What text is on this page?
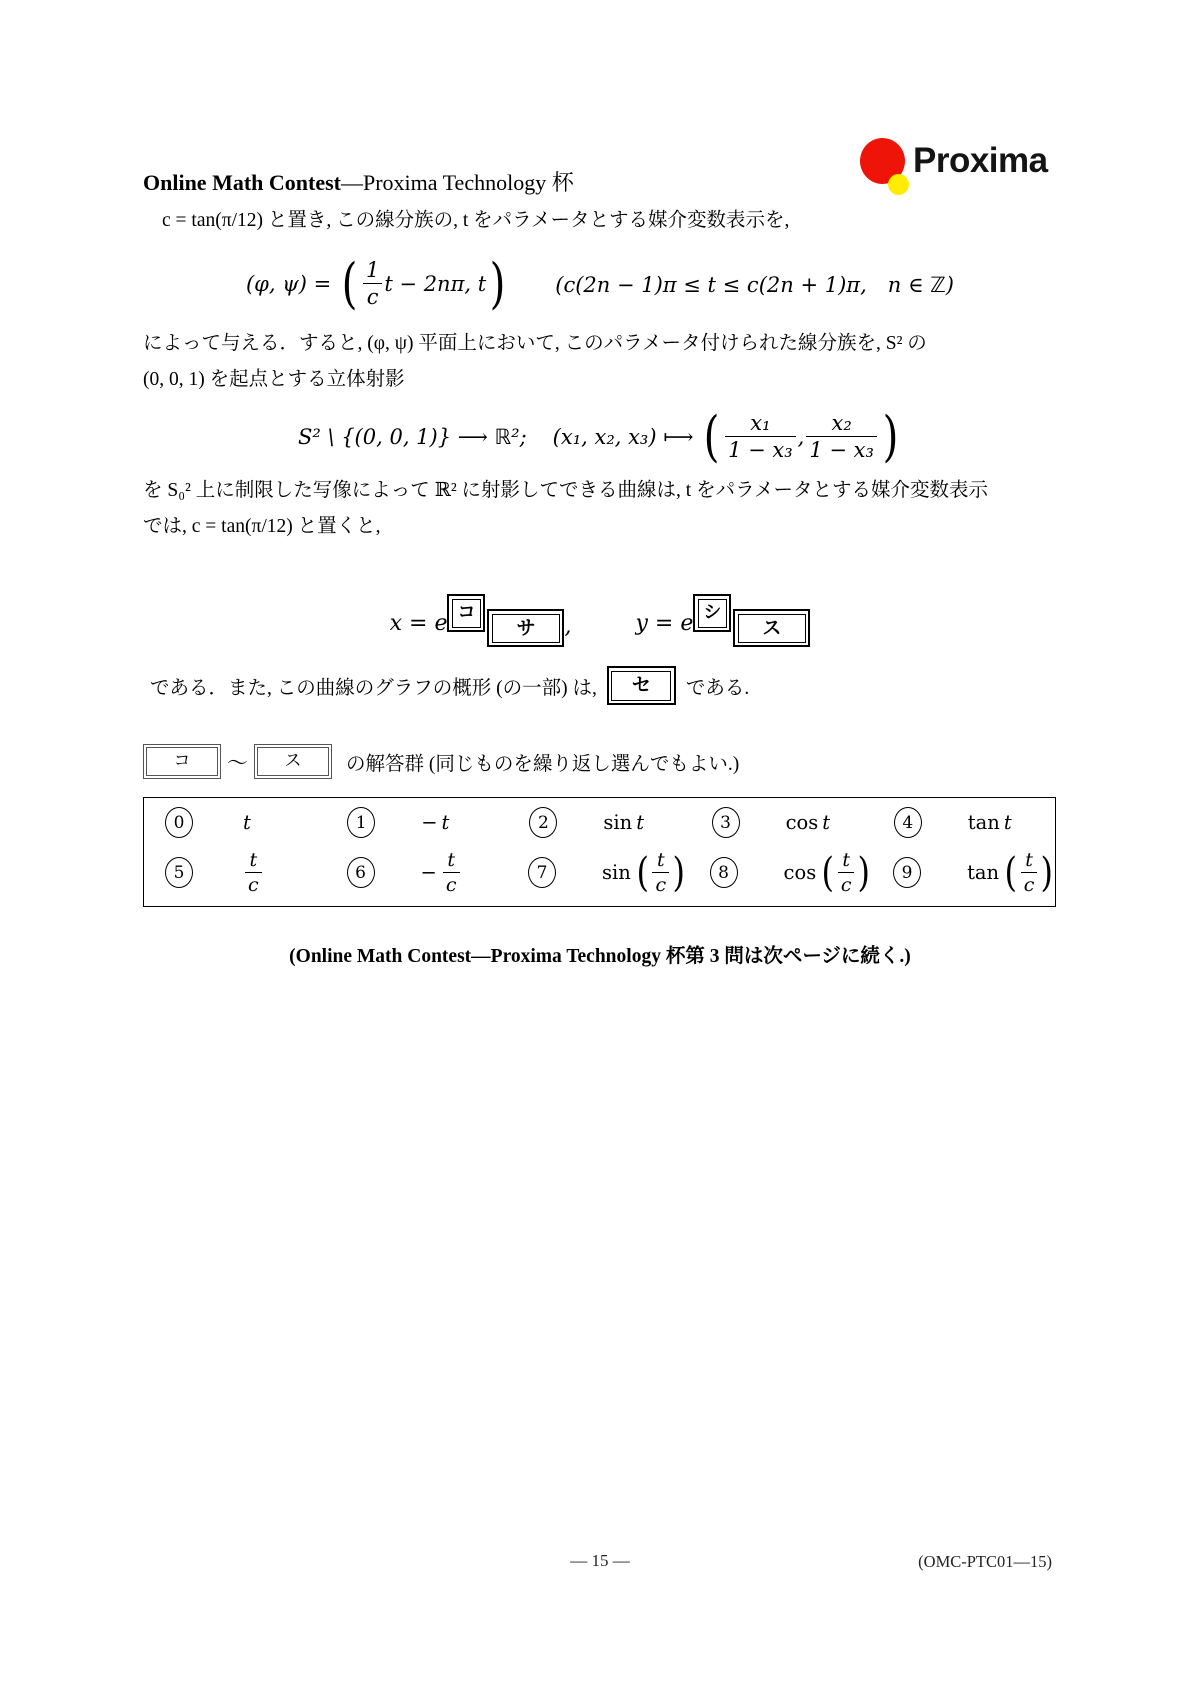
Online Math Contest—Proxima Technology 杯
Proxima
c = tan(π/12) と置き, この線分族の, t をパラメータとする媒介変数表示を,
(φ, ψ) =
( $\frac{1}{c}$ t − 2nπ, t ) (c(2n − 1)π ≤ t ≤ c(2n + 1)π,　n ∈ ℤ)
によって与える．すると, (φ, ψ) 平面上において, このパラメータ付けられた線分族を, S² の
(0, 0, 1) を起点とする立体射影
S² \ {(0, 0, 1)} ⟶ ℝ²; (x₁, x₂, x₃) ⟼
( $\frac{\text{x₁}}{\text{1 − x₃}}$ , $\frac{\text{x₂}}{\text{1 − x₃}}$ )
を S₀² 上に制限した写像によって ℝ² に射影してできる曲線は, t をパラメータとする媒介変数表示
では, c = tan(π/12) と置くと,
x = e コ
サ	,	y = e シ
ス
である．また, この曲線のグラフの概形 (の一部) は,	セ	である.
コ	〜	ス	の解答群 (同じものを繰り返し選んでもよい.)
0	t	1	− t	2	sin t	3	cos t	4	tan t
5	$\frac{t}{c}$	6	− $\frac{t}{c}$	7	sin ( $\frac{t}{c}$ )	8	cos ( $\frac{t}{c}$ )	9	tan ( $\frac{t}{c}$ )
(Online Math Contest—Proxima Technology 杯第 3 問は次ページに続く.)
— 15 —	(OMC-PTC01—15)
